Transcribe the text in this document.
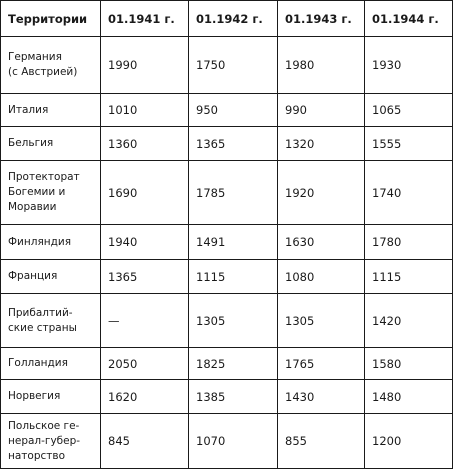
Территории	01.1941 г.	01.1942 г.	01.1943 г.	01.1944 г.
Германия
(с Австрией)	1990	1750	1980	1930
Италия	1010	950	990	1065
Бельгия	1360	1365	1320	1555
Протекторат
Богемии и
Моравии	1690	1785	1920	1740
Финляндия	1940	1491	1630	1780
Франция	1365	1115	1080	1115
Прибалтий-
ские страны	—	1305	1305	1420
Голландия	2050	1825	1765	1580
Норвегия	1620	1385	1430	1480
Польское ге-
нерал-губер-
наторство	845	1070	855	1200
